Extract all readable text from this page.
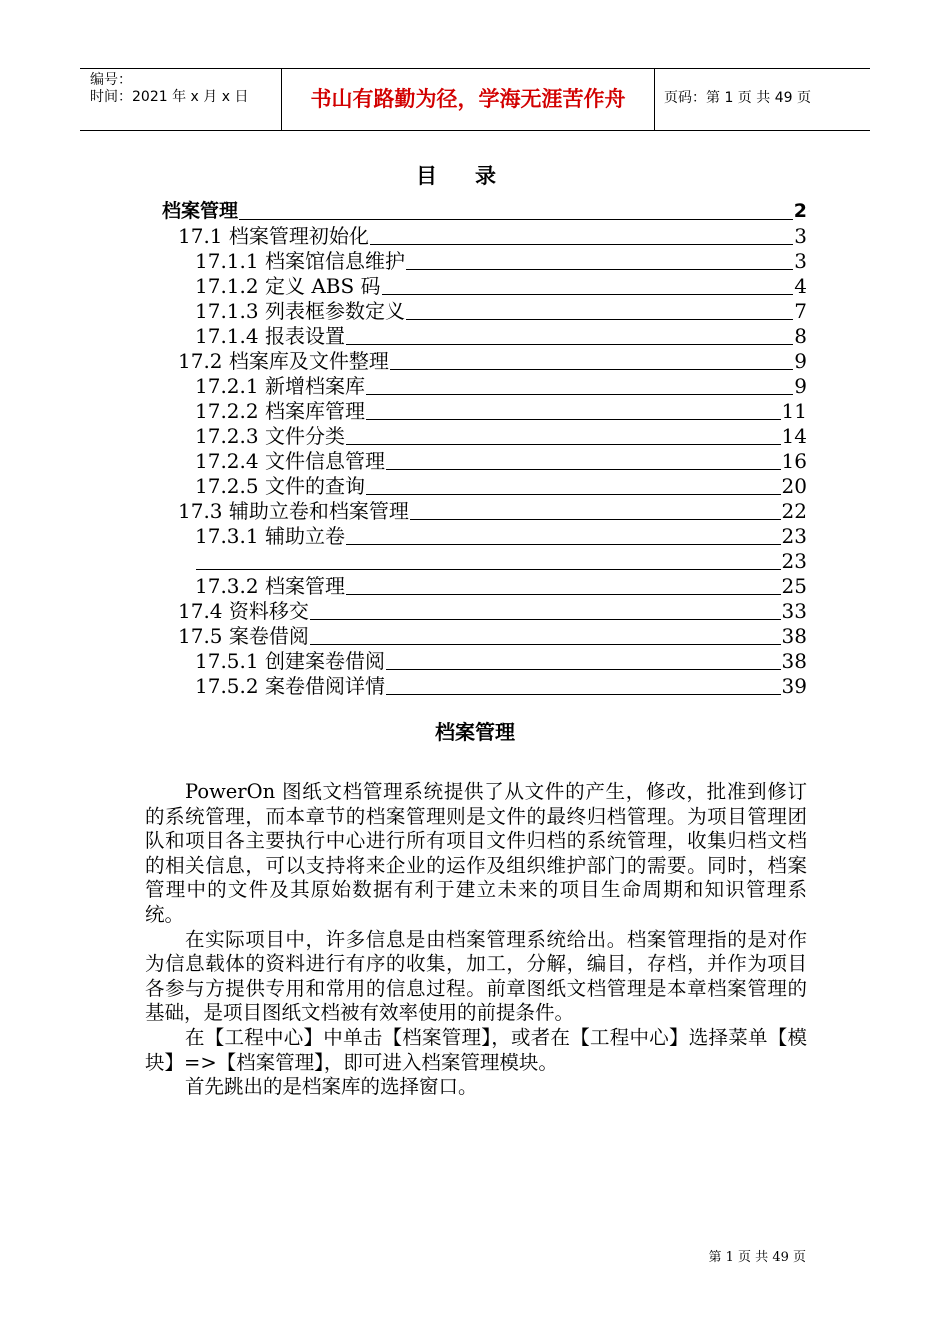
编号：
时间：2021 年 x 月 x 日	书山有路勤为径，学海无涯苦作舟	页码：第 1 页 共 49 页
目录
档案管理	2
17.1 档案管理初始化	3
17.1.1 档案馆信息维护	3
17.1.2 定义 ABS 码	4
17.1.3 列表框参数定义	7
17.1.4 报表设置	8
17.2 档案库及文件整理	9
17.2.1 新增档案库	9
17.2.2 档案库管理	11
17.2.3 文件分类	14
17.2.4 文件信息管理	16
17.2.5 文件的查询	20
17.3 辅助立卷和档案管理	22
17.3.1 辅助立卷	23
23
17.3.2 档案管理	25
17.4 资料移交	33
17.5 案卷借阅	38
17.5.1 创建案卷借阅	38
17.5.2 案卷借阅详情	39
档案管理

PowerOn 图纸文档管理系统提供了从文件的产生，修改，批准到修订的系统管理，而本章节的档案管理则是文件的最终归档管理。为项目管理团队和项目各主要执行中心进行所有项目文件归档的系统管理，收集归档文档的相关信息，可以支持将来企业的运作及组织维护部门的需要。同时，档案管理中的文件及其原始数据有利于建立未来的项目生命周期和知识管理系统。

在实际项目中，许多信息是由档案管理系统给出。档案管理指的是对作为信息载体的资料进行有序的收集，加工，分解，编目，存档，并作为项目各参与方提供专用和常用的信息过程。前章图纸文档管理是本章档案管理的基础，是项目图纸文档被有效率使用的前提条件。

在【工程中心】中单击【档案管理】，或者在【工程中心】选择菜单【模块】=>【档案管理】，即可进入档案管理模块。

首先跳出的是档案库的选择窗口。

第 1 页 共 49 页
